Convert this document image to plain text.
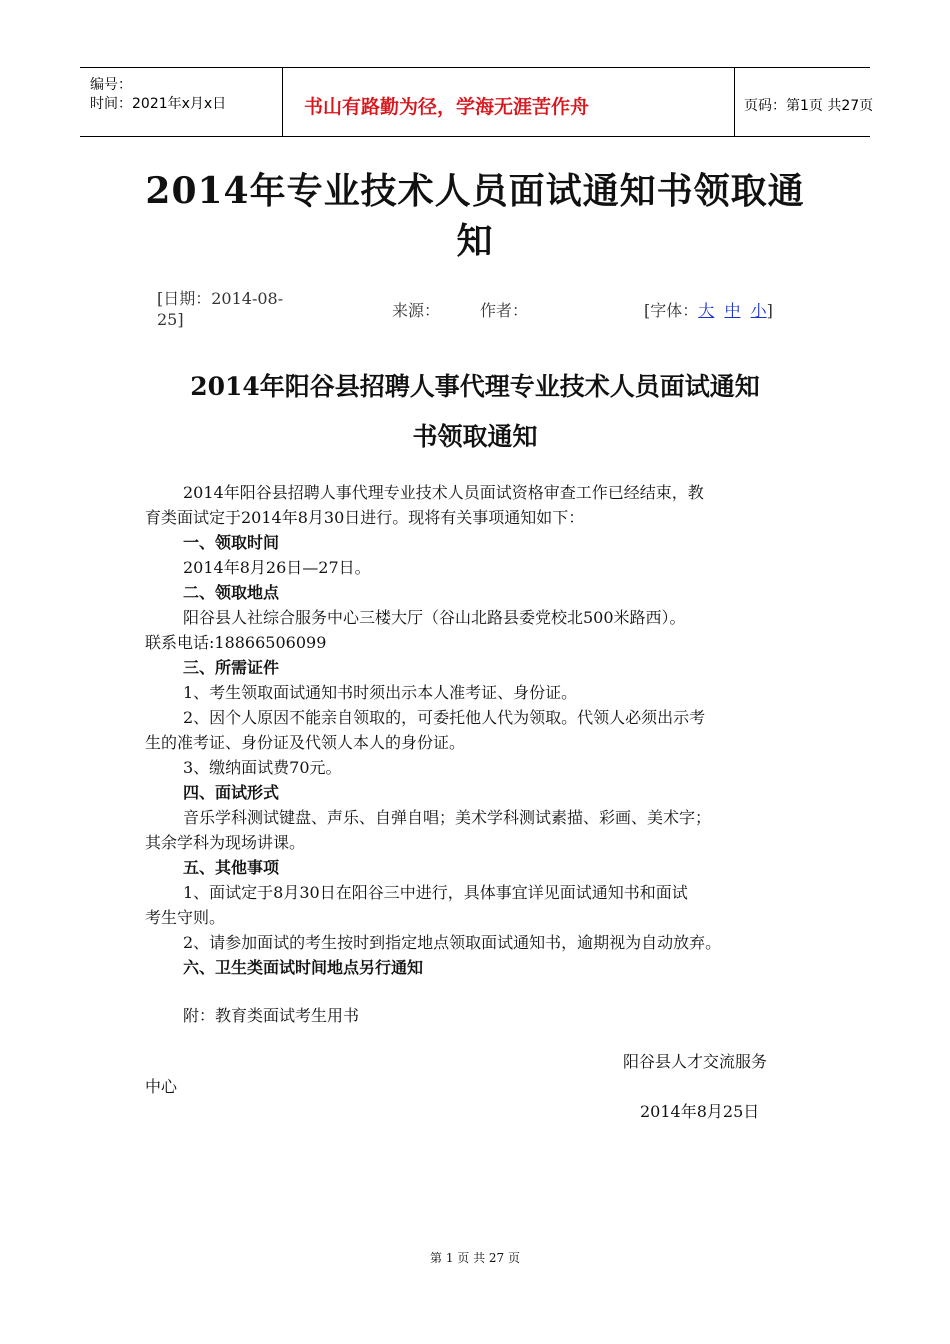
编号：
时间：2021年x月x日	书山有路勤为径，学海无涯苦作舟	页码：第1页 共27页
2014年专业技术人员面试通知书领取通
知
[日期：2014-08-
25]	来源： 作者：	[字体：大 中 小]
2014年阳谷县招聘人事代理专业技术人员面试通知
书领取通知
2014年阳谷县招聘人事代理专业技术人员面试资格审查工作已经结束，教
育类面试定于2014年8月30日进行。现将有关事项通知如下：
一、领取时间
2014年8月26日—27日。
二、领取地点
阳谷县人社综合服务中心三楼大厅（谷山北路县委党校北500米路西）。
联系电话:18866506099
三、所需证件
1、考生领取面试通知书时须出示本人准考证、身份证。
2、因个人原因不能亲自领取的，可委托他人代为领取。代领人必须出示考
生的准考证、身份证及代领人本人的身份证。
3、缴纳面试费70元。
四、面试形式
音乐学科测试键盘、声乐、自弹自唱；美术学科测试素描、彩画、美术字；
其余学科为现场讲课。
五、其他事项
1、面试定于8月30日在阳谷三中进行，具体事宜详见面试通知书和面试
考生守则。
2、请参加面试的考生按时到指定地点领取面试通知书，逾期视为自动放弃。
六、卫生类面试时间地点另行通知
附：教育类面试考生用书
阳谷县人才交流服务
中心
2014年8月25日
第 1 页 共 27 页
